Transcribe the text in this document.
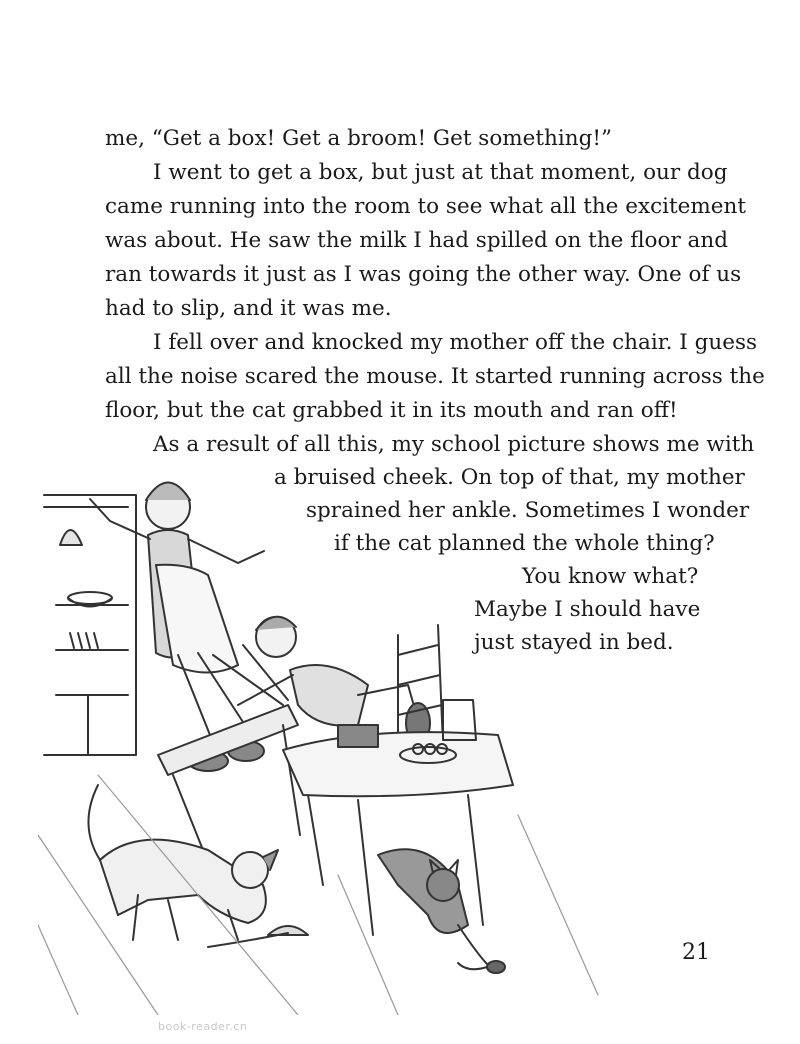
me, “Get a box! Get a broom! Get something!”
I went to get a box, but just at that moment, our dog
came running into the room to see what all the excitement
was about. He saw the milk I had spilled on the floor and
ran towards it just as I was going the other way. One of us
had to slip, and it was me.
I fell over and knocked my mother off the chair. I guess
all the noise scared the mouse. It started running across the
floor, but the cat grabbed it in its mouth and ran off!
As a result of all this, my school picture shows me with
a bruised cheek. On top of that, my mother
sprained her ankle. Sometimes I wonder
if the cat planned the whole thing?
You know what?
Maybe I should have
just stayed in bed.
21
book-reader.cn
